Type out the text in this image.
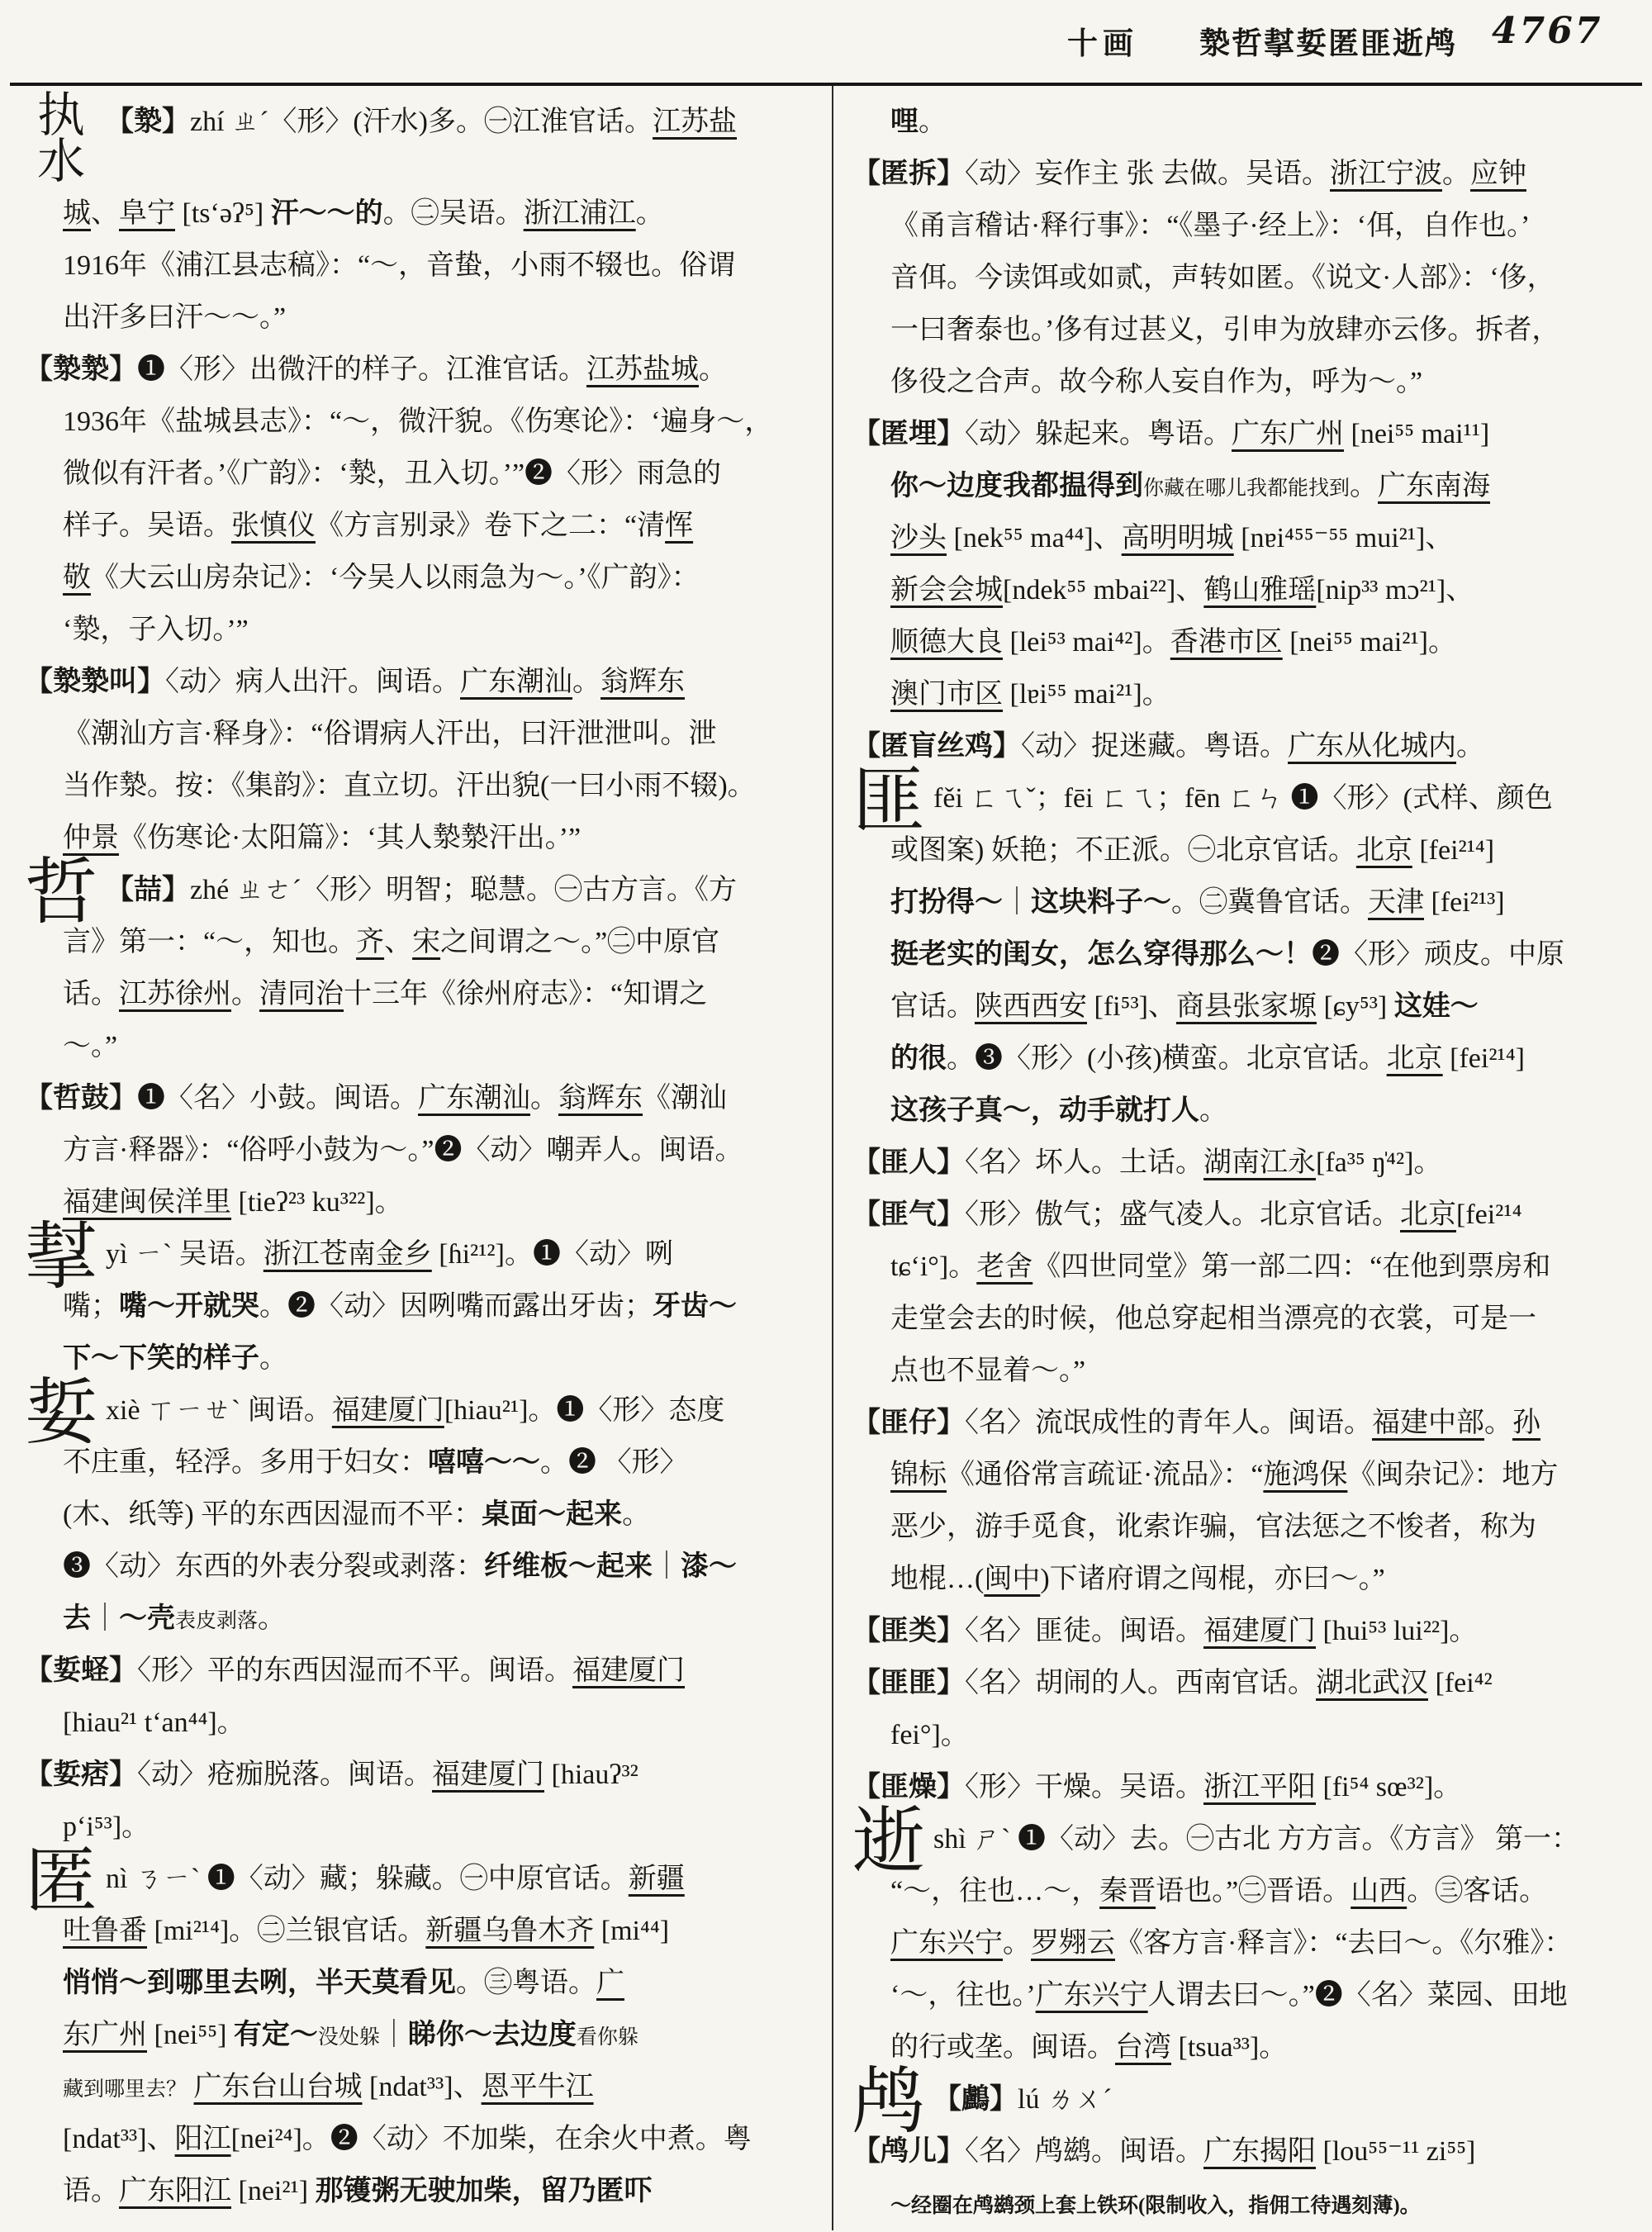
十画 漐哲㨍娎匿匪逝鸬 4767
执
水
【漐】zhí ㄓˊ〈形〉(汗水)多。㊀江淮官话。江苏盐
城、阜宁 [tsʻəʔ⁵] 汗～～的。㊁吴语。浙江浦江。
1916年《浦江县志稿》：“～，音蛰，小雨不辍也。俗谓
出汗多曰汗～～。”
【漐漐】❶〈形〉出微汗的样子。江淮官话。江苏盐城。
1936年《盐城县志》：“～，微汗貌。《伤寒论》：‘遍身～，
微似有汗者。’《广韵》：‘漐，丑入切。’”❷〈形〉雨急的
样子。吴语。张慎仪《方言别录》卷下之二：“清恽
敬《大云山房杂记》：‘今吴人以雨急为～。’《广韵》：
‘漐，子入切。’”
【漐漐叫】〈动〉病人出汗。闽语。广东潮汕。翁辉东
《潮汕方言·释身》：“俗谓病人汗出，曰汗泄泄叫。泄
当作漐。按：《集韵》：直立切。汗出貌(一曰小雨不辍)。
仲景《伤寒论·太阳篇》：‘其人漐漐汗出。’”
哲 【喆】zhé ㄓㄜˊ〈形〉明智；聪慧。㊀古方言。《方
言》第一：“～，知也。齐、宋之间谓之～。”㊁中原官
话。江苏徐州。清同治十三年《徐州府志》：“知谓之
～。”
【哲鼓】❶〈名〉小鼓。闽语。广东潮汕。翁辉东《潮汕
方言·释器》：“俗呼小鼓为～。”❷〈动〉嘲弄人。闽语。
福建闽侯洋里 [tieʔ²³ ku³²²]。
㨍 yì ㄧˋ 吴语。浙江苍南金乡 [ɦi²¹²]。❶〈动〉咧
嘴；嘴～开就哭。❷〈动〉因咧嘴而露出牙齿；牙齿～
下～下笑的样子。
娎 xiè ㄒㄧㄝˋ 闽语。福建厦门[hiau²¹]。❶〈形〉态度
不庄重，轻浮。多用于妇女：嘻嘻～～。❷ 〈形〉
(木、纸等) 平的东西因湿而不平：桌面～起来。
❸〈动〉东西的外表分裂或剥落：纤维板～起来｜漆～
去｜～壳表皮剥落。
【娎蛏】〈形〉平的东西因湿而不平。闽语。福建厦门
[hiau²¹ tʻan⁴⁴]。
【娎痞】〈动〉疮痂脱落。闽语。福建厦门 [hiauʔ³²
pʻi⁵³]。
匿 nì ㄋㄧˋ ❶〈动〉藏；躲藏。㊀中原官话。新疆
吐鲁番 [mi²¹⁴]。㊁兰银官话。新疆乌鲁木齐 [mi⁴⁴]
悄悄～到哪里去咧，半天莫看见。㊂粤语。广
东广州 [nei⁵⁵] 有定～没处躲｜睇你～去边度看你躲
藏到哪里去？ 广东台山台城 [ndat³³]、恩平牛江
[ndat³³]、阳江[nei²⁴]。❷〈动〉不加柴，在余火中煮。粤
语。广东阳江 [nei²¹] 那镬粥无驶加柴，留乃匿吓
哩。
【匿拆】〈动〉妄作主 张 去做。吴语。浙江宁波。应钟
《甬言稽诂·释行事》：“《墨子·经上》：‘佴，自作也。’
音佴。今读饵或如贰，声转如匿。《说文·人部》：‘侈，
一曰奢泰也。’侈有过甚义，引申为放肆亦云侈。拆者，
侈役之合声。故今称人妄自作为，呼为～。”
【匿埋】〈动〉躲起来。粤语。广东广州 [nei⁵⁵ mai¹¹]
你～边度我都揾得到你藏在哪儿我都能找到。广东南海
沙头 [nek⁵⁵ ma⁴⁴]、高明明城 [nɐi⁴⁵⁵⁻⁵⁵ mui²¹]、
新会会城[ndek⁵⁵ mbai²²]、鹤山雅瑶[nip³³ mɔ²¹]、
顺德大良 [lei⁵³ mai⁴²]。香港市区 [nei⁵⁵ mai²¹]。
澳门市区 [lɐi⁵⁵ mai²¹]。
【匿盲丝鸡】〈动〉捉迷藏。粤语。广东从化城内。
匪 fěi ㄈㄟˇ；fēi ㄈㄟ；fēn ㄈㄣ ❶〈形〉(式样、颜色
或图案) 妖艳；不正派。㊀北京官话。北京 [fei²¹⁴]
打扮得～｜这块料子～。㊁冀鲁官话。天津 [fei²¹³]
挺老实的闺女，怎么穿得那么～！❷〈形〉顽皮。中原
官话。陕西西安 [fi⁵³]、商县张家塬 [ɕy⁵³] 这娃～
的很。❸〈形〉(小孩)横蛮。北京官话。北京 [fei²¹⁴]
这孩子真～，动手就打人。
【匪人】〈名〉坏人。土话。湖南江永[fa³⁵ ŋ̍⁴²]。
【匪气】〈形〉傲气；盛气凌人。北京官话。北京[fei²¹⁴
tɕʻi°]。老舍《四世同堂》第一部二四：“在他到票房和
走堂会去的时候，他总穿起相当漂亮的衣裳，可是一
点也不显着～。”
【匪仔】〈名〉流氓成性的青年人。闽语。福建中部。孙
锦标《通俗常言疏证·流品》：“施鸿保《闽杂记》：地方
恶少，游手觅食，讹索诈骗，官法惩之不悛者，称为
地棍…(闽中)下诸府谓之闯棍，亦曰～。”
【匪类】〈名〉匪徒。闽语。福建厦门 [hui⁵³ lui²²]。
【匪匪】〈名〉胡闹的人。西南官话。湖北武汉 [fei⁴²
fei°]。
【匪燥】〈形〉干燥。吴语。浙江平阳 [fi⁵⁴ sœ³²]。
逝 shì ㄕˋ ❶〈动〉去。㊀古北 方方言。《方言》 第一：
“～，往也…～，秦晋语也。”㊁晋语。山西。㊂客话。
广东兴宁。罗翙云《客方言·释言》：“去曰～。《尔雅》：
‘～，往也。’广东兴宁人谓去曰～。”❷〈名〉菜园、田地
的行或垄。闽语。台湾 [tsua³³]。
鸬 【鸕】lú ㄌㄨˊ
【鸬儿】〈名〉鸬鹚。闽语。广东揭阳 [lou⁵⁵⁻¹¹ zi⁵⁵]
～经圈在鸬鹚颈上套上铁环(限制收入，指佣工待遇刻薄)。
